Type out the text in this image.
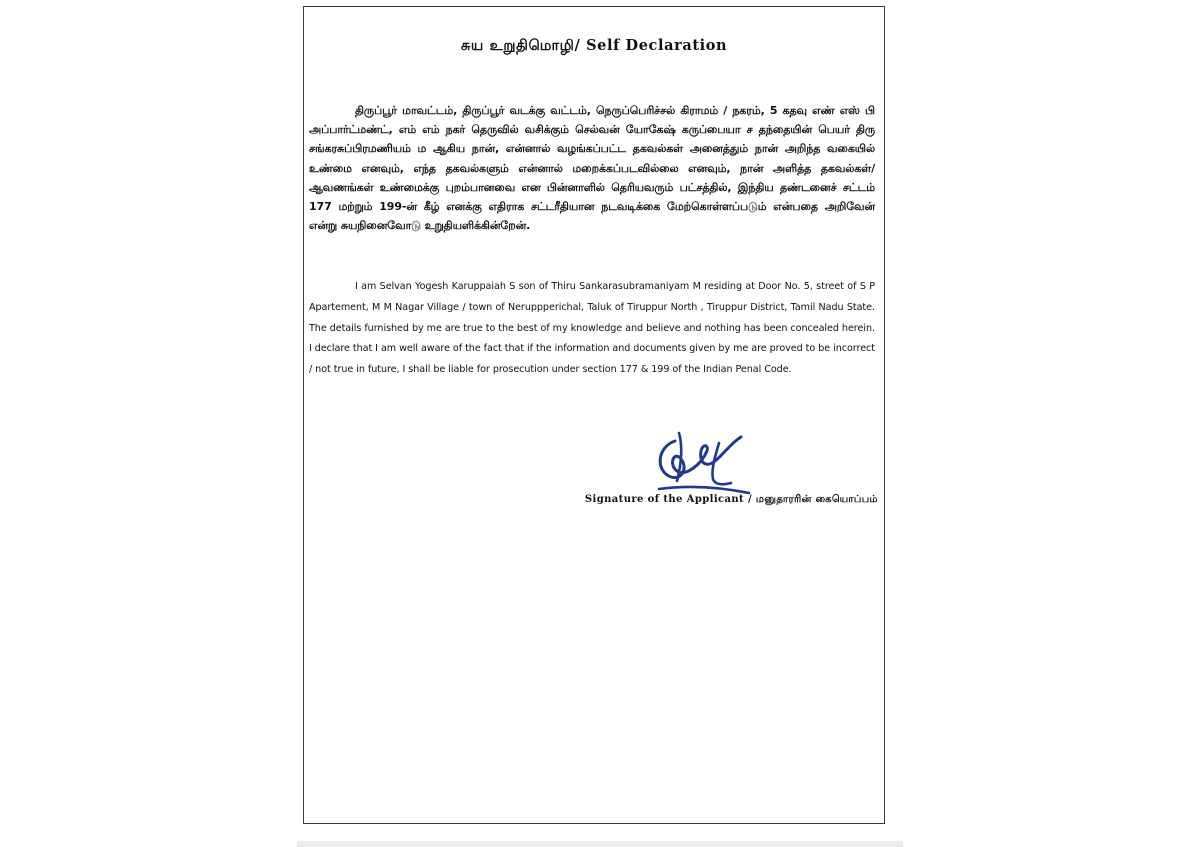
சுய உறுதிமொழி/ Self Declaration

திருப்பூர் மாவட்டம், திருப்பூர் வடக்கு வட்டம், நெருப்பெரிச்சல் கிராமம் / நகரம், 5 கதவு எண் எஸ் பி அப்பார்ட்மண்ட், எம் எம் நகர் தெருவில் வசிக்கும் செல்வன் யோகேஷ் கருப்பையா ச தந்தையின் பெயர் திரு சங்கரசுப்பிரமணியம் ம ஆகிய நான், என்னால் வழங்கப்பட்ட தகவல்கள் அனைத்தும் நான் அறிந்த வகையில் உண்மை எனவும், எந்த தகவல்களும் என்னால் மறைக்கப்படவில்லை எனவும், நான் அளித்த தகவல்கள்/ ஆவணங்கள் உண்மைக்கு புறம்பானவை என பின்னாளில் தெரியவரும் பட்சத்தில், இந்திய தண்டனைச் சட்டம் 177 மற்றும் 199-ன் கீழ் எனக்கு எதிராக சட்டரீதியான நடவடிக்கை மேற்கொள்ளப்படும் என்பதை அறிவேன் என்று சுயநினைவோடு உறுதியளிக்கின்றேன்.

I am Selvan Yogesh Karuppaiah S son of Thiru Sankarasubramaniyam M residing at Door No. 5, street of S P Apartement, M M Nagar Village / town of Neruppperichal, Taluk of Tiruppur North , Tiruppur District, Tamil Nadu State. The details furnished by me are true to the best of my knowledge and believe and nothing has been concealed herein. I declare that I am well aware of the fact that if the information and documents given by me are proved to be incorrect / not true in future, I shall be liable for prosecution under section 177 & 199 of the Indian Penal Code.

Signature of the Applicant / மனுதாரரின் கையொப்பம்
